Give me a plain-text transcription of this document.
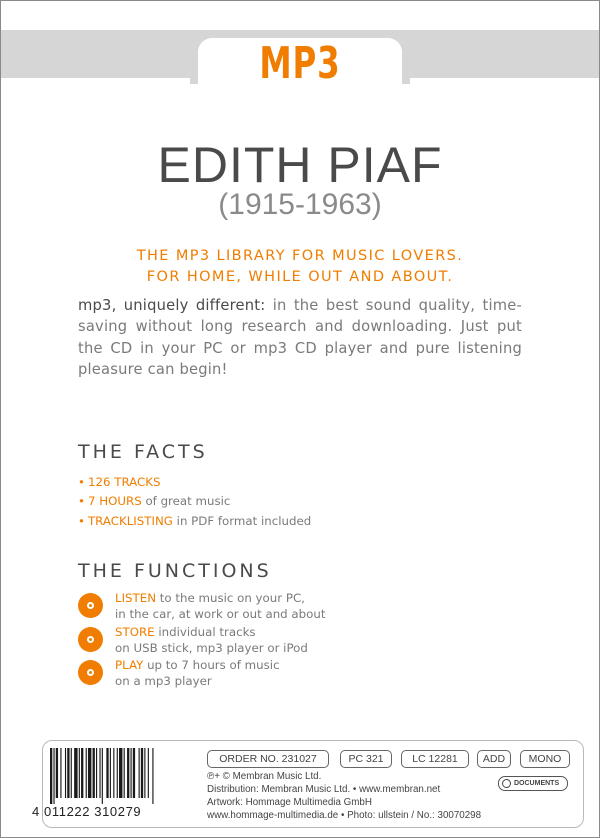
MP3
EDITH PIAF
(1915-1963)
THE MP3 LIBRARY FOR MUSIC LOVERS.
FOR HOME, WHILE OUT AND ABOUT.
mp3, uniquely different: in the best sound quality, time-saving without long research and downloading. Just put the CD in your PC or mp3 CD player and pure listening pleasure can begin!
THE FACTS
• 126 TRACKS
• 7 HOURS of great music
• TRACKLISTING in PDF format included
THE FUNCTIONS
LISTEN to the music on your PC,
in the car, at work or out and about
STORE individual tracks
on USB stick, mp3 player or iPod
PLAY up to 7 hours of music
on a mp3 player
4 011222 310279
ORDER NO. 231027	PC 321	LC 12281	ADD	MONO
℗+ © Membran Music Ltd.
Distribution: Membran Music Ltd. • www.membran.net
Artwork: Hommage Multimedia GmbH
www.hommage-multimedia.de • Photo: ullstein / No.: 30070298
DOCUMENTS
